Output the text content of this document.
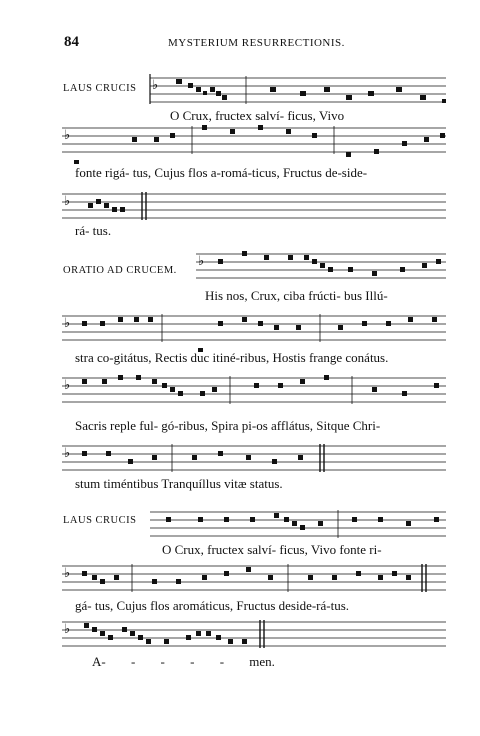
84	MYSTERIUM RESURRECTIONIS.
LAUS CRUCIS
ORATIO AD CRUCEM.
LAUS CRUCIS
♭
O Crux, fructex salví- ficus, Vivo
♭
fonte rigá- tus, Cujus flos a-romá-ticus, Fructus de-side-
♭
rá- tus.
♭
His nos, Crux, ciba frúcti- bus Illú-
♭
stra co-gitátus, Rectis duc itiné-ribus, Hostis frange conátus.
♭
Sacris reple ful- gó-ribus, Spira pi-os afflátus, Sitque Chri-
♭
stum timéntibus Tranquíllus vitæ status.
O Crux, fructex salví- ficus, Vivo fonte ri-
♭
gá- tus, Cujus flos aromáticus, Fructus deside-rá-tus.
♭
A- - - - - men.
